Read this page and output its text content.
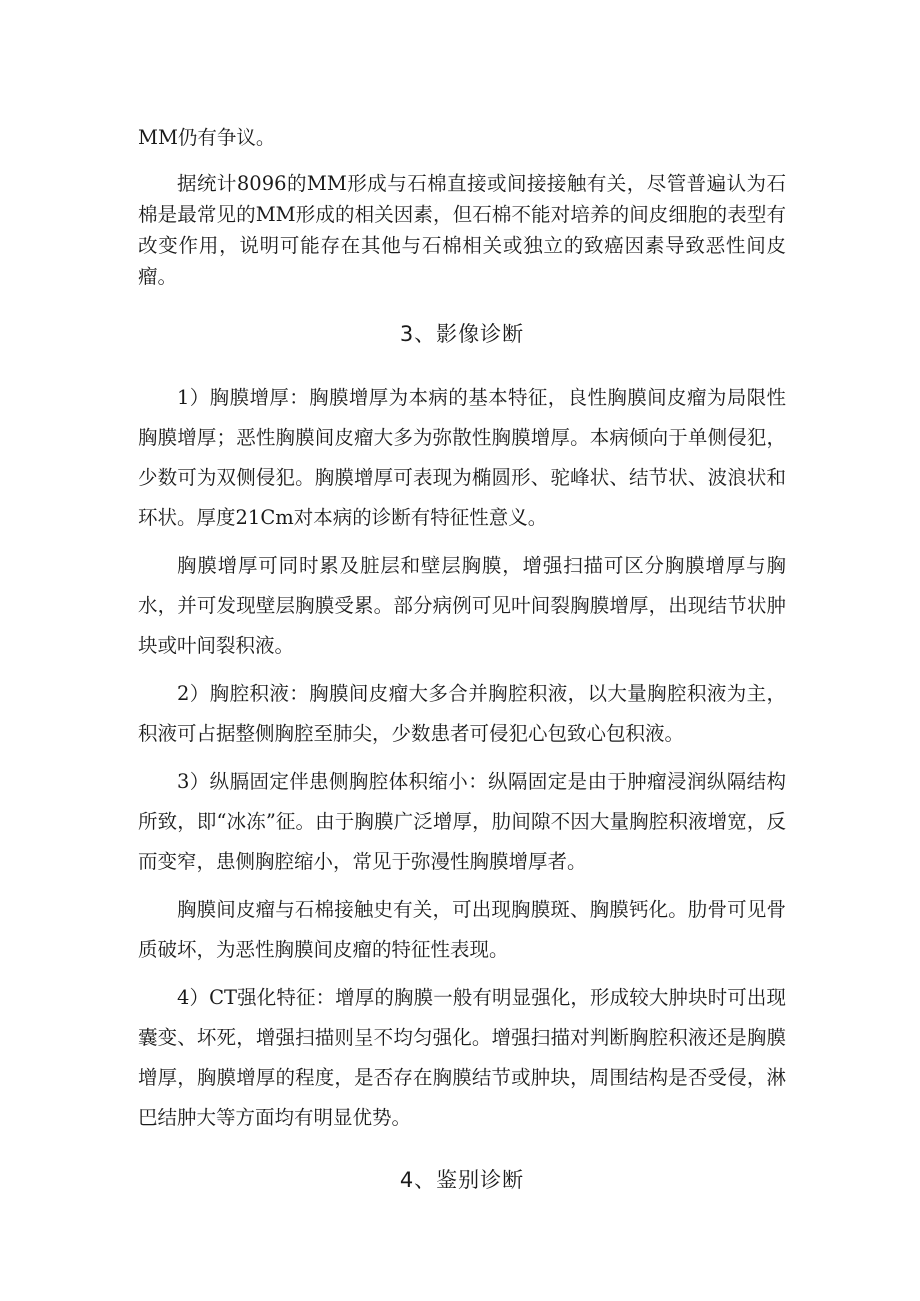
MM仍有争议。

据统计8096的MM形成与石棉直接或间接接触有关，尽管普遍认为石棉是最常见的MM形成的相关因素，但石棉不能对培养的间皮细胞的表型有改变作用，说明可能存在其他与石棉相关或独立的致癌因素导致恶性间皮瘤。

3、影像诊断

1）胸膜增厚：胸膜增厚为本病的基本特征，良性胸膜间皮瘤为局限性胸膜增厚；恶性胸膜间皮瘤大多为弥散性胸膜增厚。本病倾向于单侧侵犯，少数可为双侧侵犯。胸膜增厚可表现为椭圆形、驼峰状、结节状、波浪状和环状。厚度21Cm对本病的诊断有特征性意义。

胸膜增厚可同时累及脏层和壁层胸膜，增强扫描可区分胸膜增厚与胸水，并可发现壁层胸膜受累。部分病例可见叶间裂胸膜增厚，出现结节状肿块或叶间裂积液。

2）胸腔积液：胸膜间皮瘤大多合并胸腔积液，以大量胸腔积液为主，积液可占据整侧胸腔至肺尖，少数患者可侵犯心包致心包积液。

3）纵膈固定伴患侧胸腔体积缩小：纵隔固定是由于肿瘤浸润纵隔结构所致，即“冰冻”征。由于胸膜广泛增厚，肋间隙不因大量胸腔积液增宽，反而变窄，患侧胸腔缩小，常见于弥漫性胸膜增厚者。

胸膜间皮瘤与石棉接触史有关，可出现胸膜斑、胸膜钙化。肋骨可见骨质破坏，为恶性胸膜间皮瘤的特征性表现。

4）CT强化特征：增厚的胸膜一般有明显强化，形成较大肿块时可出现囊变、坏死，增强扫描则呈不均匀强化。增强扫描对判断胸腔积液还是胸膜增厚，胸膜增厚的程度，是否存在胸膜结节或肿块，周围结构是否受侵，淋巴结肿大等方面均有明显优势。

4、鉴别诊断
